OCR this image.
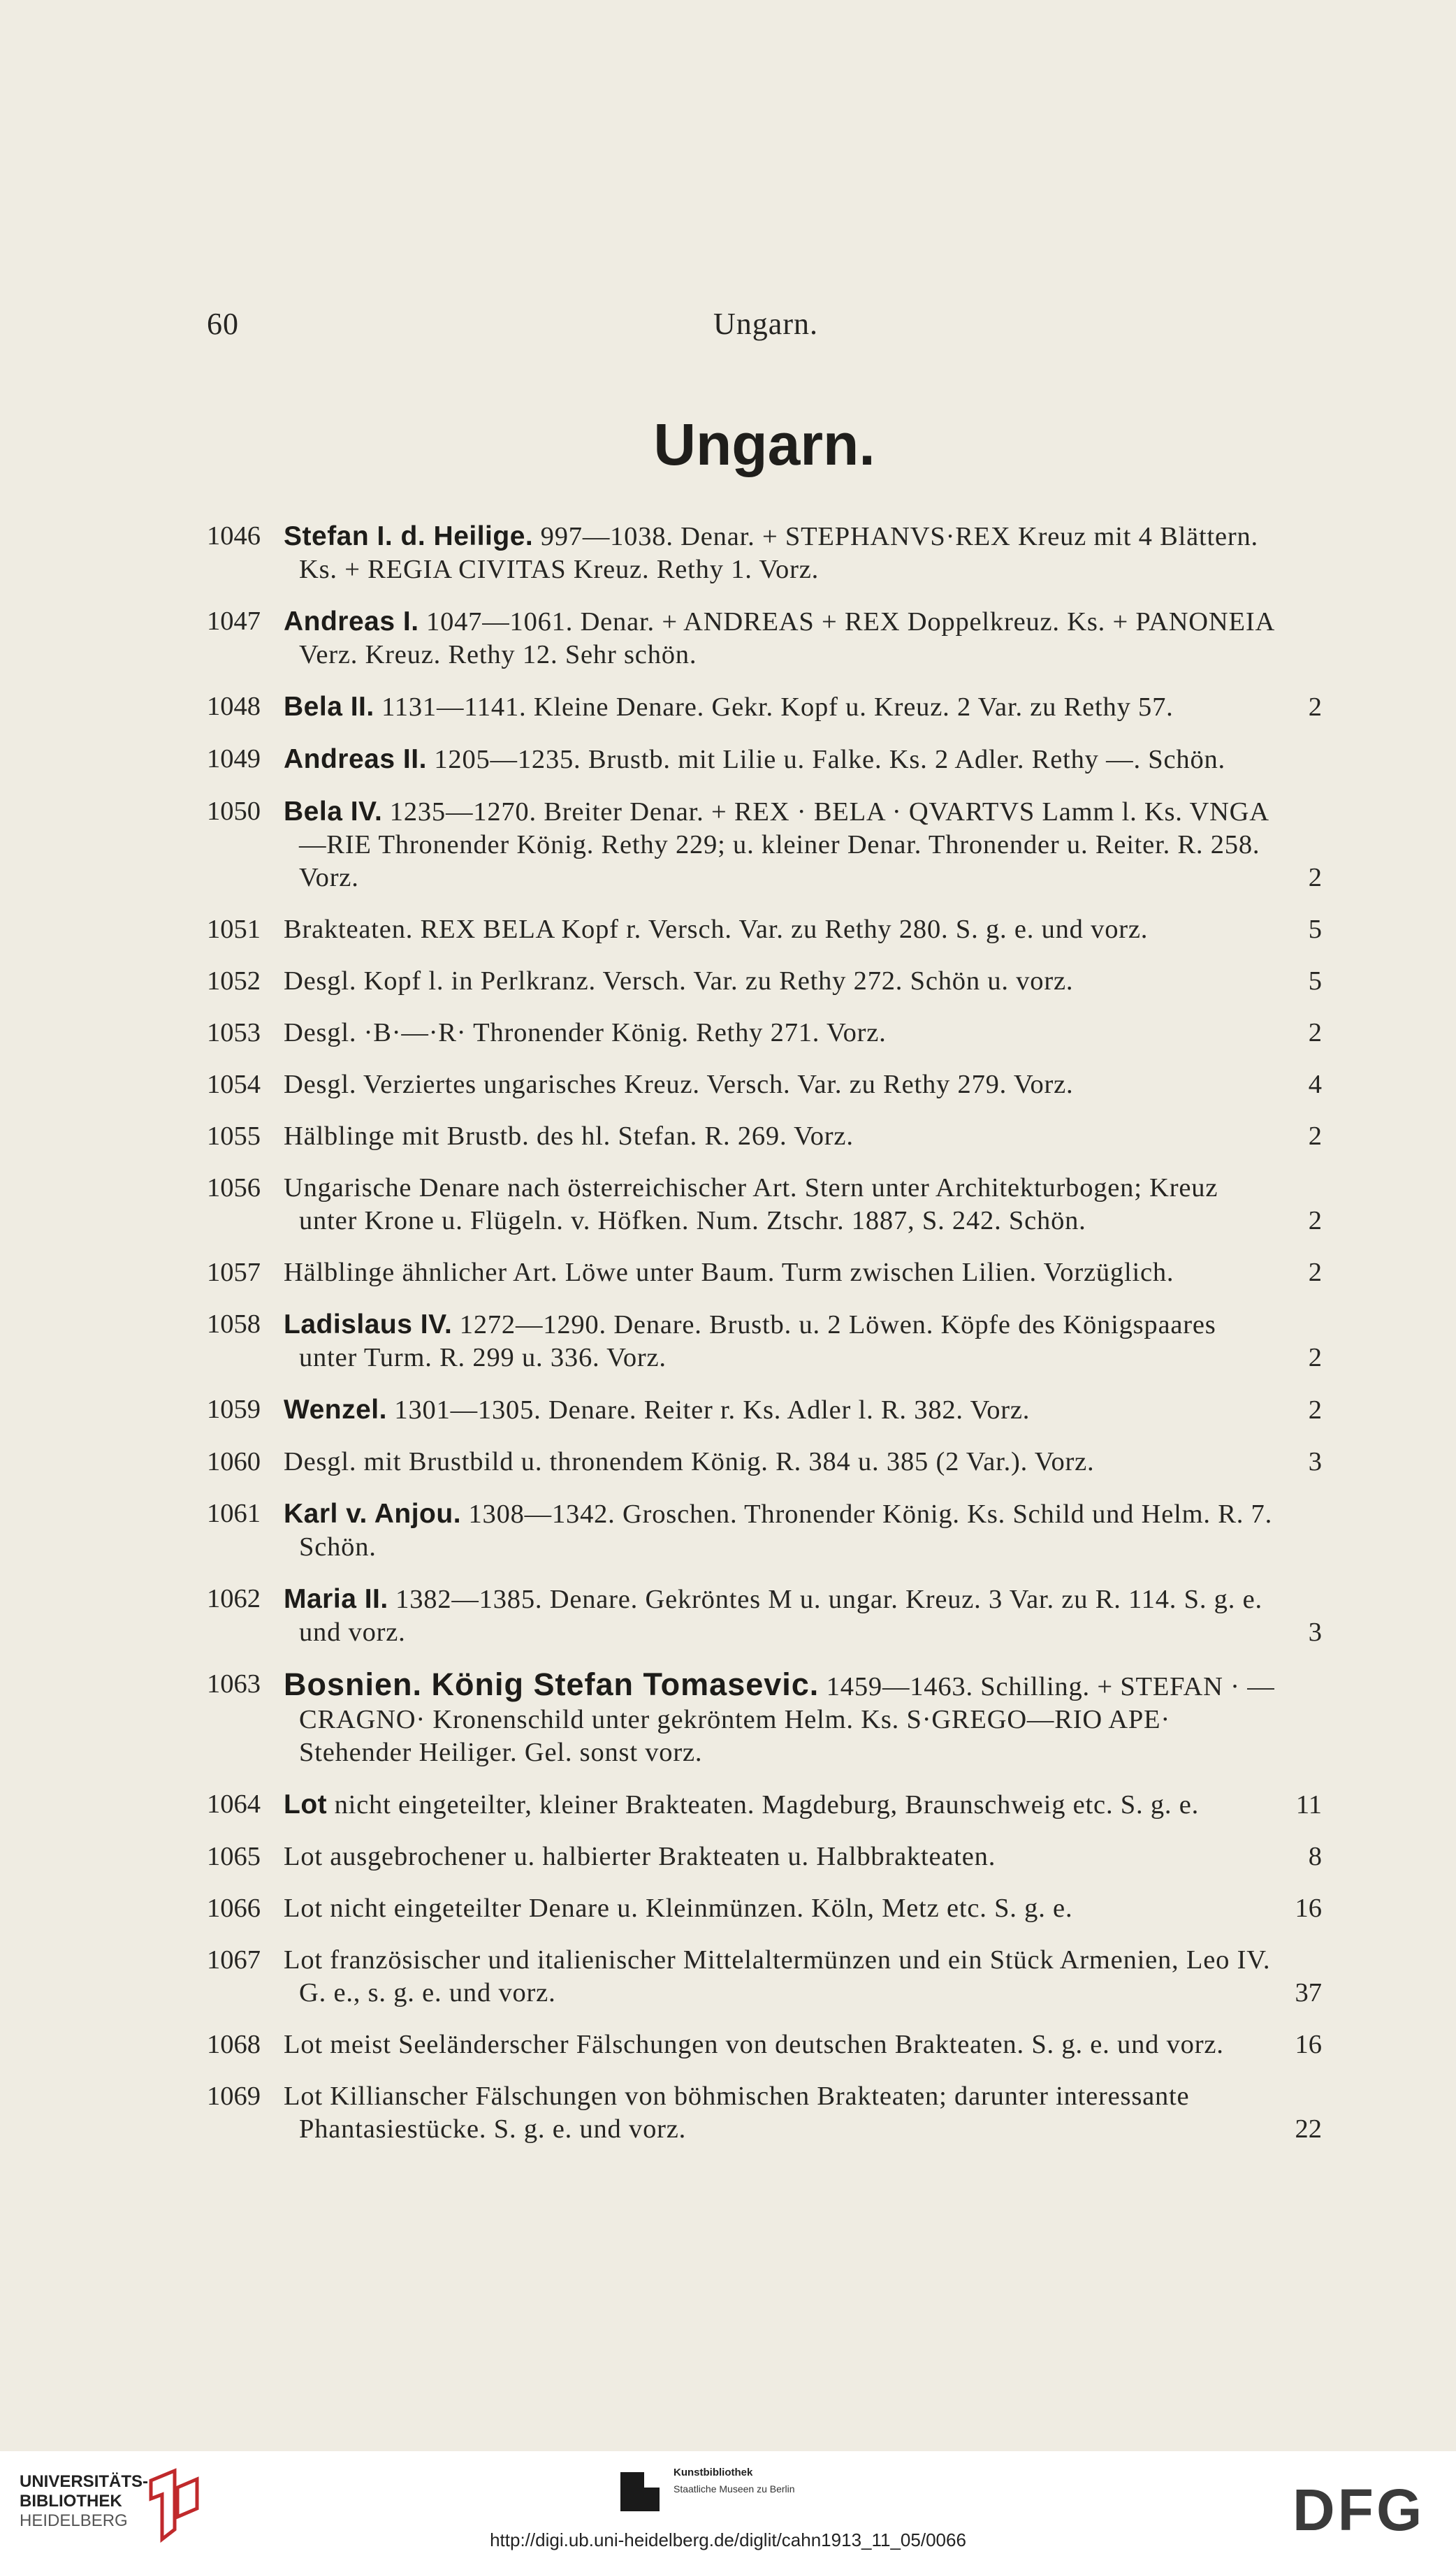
60	Ungarn.
Ungarn.
1046 Stefan I. d. Heilige. 997—1038. Denar. + STEPHANVS·REX Kreuz mit 4 Blättern. Ks. + REGIA CIVITAS Kreuz. Rethy 1. Vorz.
1047 Andreas I. 1047—1061. Denar. + ANDREAS + REX Doppelkreuz. Ks. + PANONEIA Verz. Kreuz. Rethy 12. Sehr schön.
1048 Bela II. 1131—1141. Kleine Denare. Gekr. Kopf u. Kreuz. 2 Var. zu Rethy 57.	2
1049 Andreas II. 1205—1235. Brustb. mit Lilie u. Falke. Ks. 2 Adler. Rethy —. Schön.
1050 Bela IV. 1235—1270. Breiter Denar. + REX · BELA · QVARTVS Lamm l. Ks. VNGA—RIE Thronender König. Rethy 229; u. kleiner Denar. Thronender u. Reiter. R. 258. Vorz.	2
1051 Brakteaten. REX BELA Kopf r. Versch. Var. zu Rethy 280. S. g. e. und vorz.	5
1052 Desgl. Kopf l. in Perlkranz. Versch. Var. zu Rethy 272. Schön u. vorz.	5
1053 Desgl. ·B·—·R· Thronender König. Rethy 271. Vorz.	2
1054 Desgl. Verziertes ungarisches Kreuz. Versch. Var. zu Rethy 279. Vorz.	4
1055 Hälblinge mit Brustb. des hl. Stefan. R. 269. Vorz.	2
1056 Ungarische Denare nach österreichischer Art. Stern unter Architekturbogen; Kreuz unter Krone u. Flügeln. v. Höfken. Num. Ztschr. 1887, S. 242. Schön.	2
1057 Hälblinge ähnlicher Art. Löwe unter Baum. Turm zwischen Lilien. Vorzüglich.	2
1058 Ladislaus IV. 1272—1290. Denare. Brustb. u. 2 Löwen. Köpfe des Königspaares unter Turm. R. 299 u. 336. Vorz.	2
1059 Wenzel. 1301—1305. Denare. Reiter r. Ks. Adler l. R. 382. Vorz.	2
1060 Desgl. mit Brustbild u. thronendem König. R. 384 u. 385 (2 Var.). Vorz.	3
1061 Karl v. Anjou. 1308—1342. Groschen. Thronender König. Ks. Schild und Helm. R. 7. Schön.
1062 Maria II. 1382—1385. Denare. Gekröntes M u. ungar. Kreuz. 3 Var. zu R. 114. S. g. e. und vorz.	3
1063 Bosnien. König Stefan Tomasevic. 1459—1463. Schilling. + STEFAN · — CRAGNO· Kronenschild unter gekröntem Helm. Ks. S·GREGO—RIO APE· Stehender Heiliger. Gel. sonst vorz.
1064 Lot nicht eingeteilter, kleiner Brakteaten. Magdeburg, Braunschweig etc. S. g. e.	11
1065 Lot ausgebrochener u. halbierter Brakteaten u. Halbbrakteaten.	8
1066 Lot nicht eingeteilter Denare u. Kleinmünzen. Köln, Metz etc. S. g. e.	16
1067 Lot französischer und italienischer Mittelaltermünzen und ein Stück Armenien, Leo IV. G. e., s. g. e. und vorz.	37
1068 Lot meist Seeländerscher Fälschungen von deutschen Brakteaten. S. g. e. und vorz.	16
1069 Lot Killianscher Fälschungen von böhmischen Brakteaten; darunter interessante Phantasiestücke. S. g. e. und vorz.	22
UNIVERSITÄTS-
BIBLIOTHEK
HEIDELBERG
Kunstbibliothek
Staatliche Museen zu Berlin	DFG
http://digi.ub.uni-heidelberg.de/diglit/cahn1913_11_05/0066
